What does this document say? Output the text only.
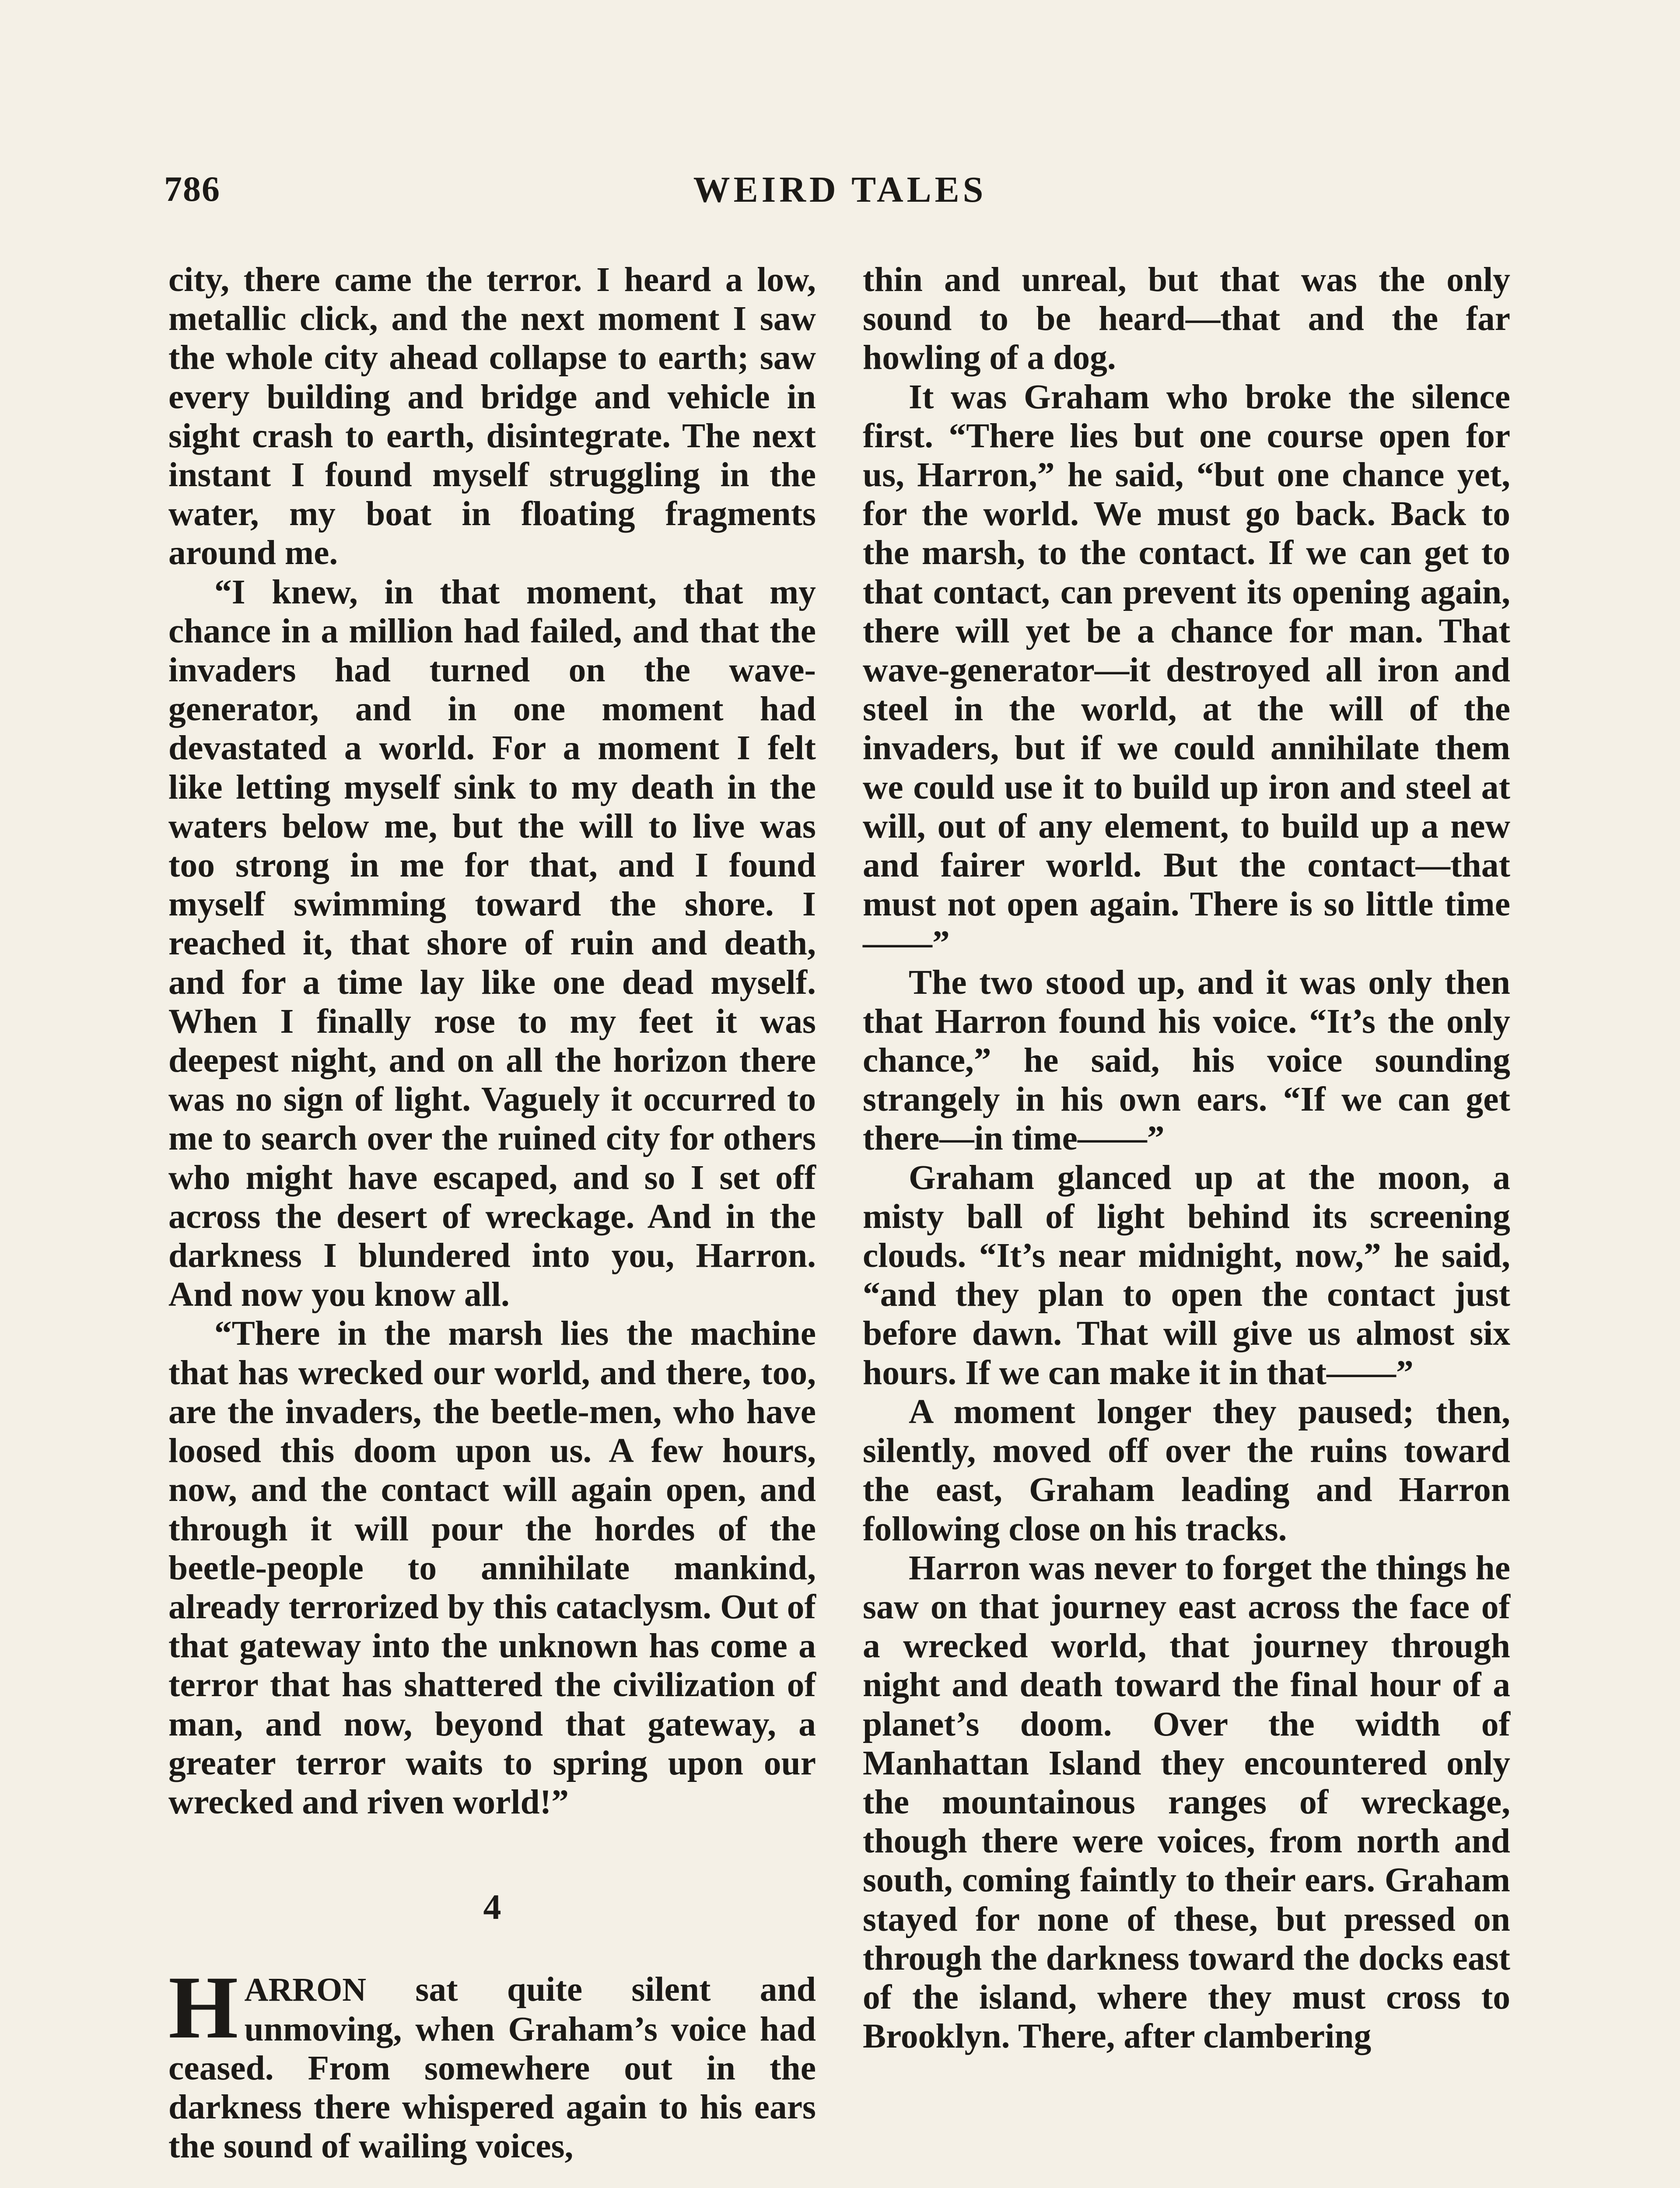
786	WEIRD TALES

city, there came the terror. I heard a low, metallic click, and the next moment I saw the whole city ahead collapse to earth; saw every building and bridge and vehicle in sight crash to earth, disintegrate. The next instant I found myself struggling in the water, my boat in floating fragments around me.

“I knew, in that moment, that my chance in a million had failed, and that the invaders had turned on the wave-generator, and in one moment had devastated a world. For a moment I felt like letting myself sink to my death in the waters below me, but the will to live was too strong in me for that, and I found myself swimming toward the shore. I reached it, that shore of ruin and death, and for a time lay like one dead myself. When I finally rose to my feet it was deepest night, and on all the horizon there was no sign of light. Vaguely it occurred to me to search over the ruined city for others who might have escaped, and so I set off across the desert of wreckage. And in the darkness I blundered into you, Harron. And now you know all.

“There in the marsh lies the machine that has wrecked our world, and there, too, are the invaders, the beetle-men, who have loosed this doom upon us. A few hours, now, and the contact will again open, and through it will pour the hordes of the beetle-people to annihilate mankind, already terrorized by this cataclysm. Out of that gateway into the unknown has come a terror that has shattered the civilization of man, and now, beyond that gateway, a greater terror waits to spring upon our wrecked and riven world!”

4

HARRON sat quite silent and unmoving, when Graham’s voice had ceased. From somewhere out in the darkness there whispered again to his ears the sound of wailing voices,

thin and unreal, but that was the only sound to be heard—that and the far howling of a dog.

It was Graham who broke the silence first. “There lies but one course open for us, Harron,” he said, “but one chance yet, for the world. We must go back. Back to the marsh, to the contact. If we can get to that contact, can prevent its opening again, there will yet be a chance for man. That wave-generator—it destroyed all iron and steel in the world, at the will of the invaders, but if we could annihilate them we could use it to build up iron and steel at will, out of any element, to build up a new and fairer world. But the contact—that must not open again. There is so little time——”

The two stood up, and it was only then that Harron found his voice. “It’s the only chance,” he said, his voice sounding strangely in his own ears. “If we can get there—in time——”

Graham glanced up at the moon, a misty ball of light behind its screening clouds. “It’s near midnight, now,” he said, “and they plan to open the contact just before dawn. That will give us almost six hours. If we can make it in that——”

A moment longer they paused; then, silently, moved off over the ruins toward the east, Graham leading and Harron following close on his tracks.

Harron was never to forget the things he saw on that journey east across the face of a wrecked world, that journey through night and death toward the final hour of a planet’s doom. Over the width of Manhattan Island they encountered only the mountainous ranges of wreckage, though there were voices, from north and south, coming faintly to their ears. Graham stayed for none of these, but pressed on through the darkness toward the docks east of the island, where they must cross to Brooklyn. There, after clambering
